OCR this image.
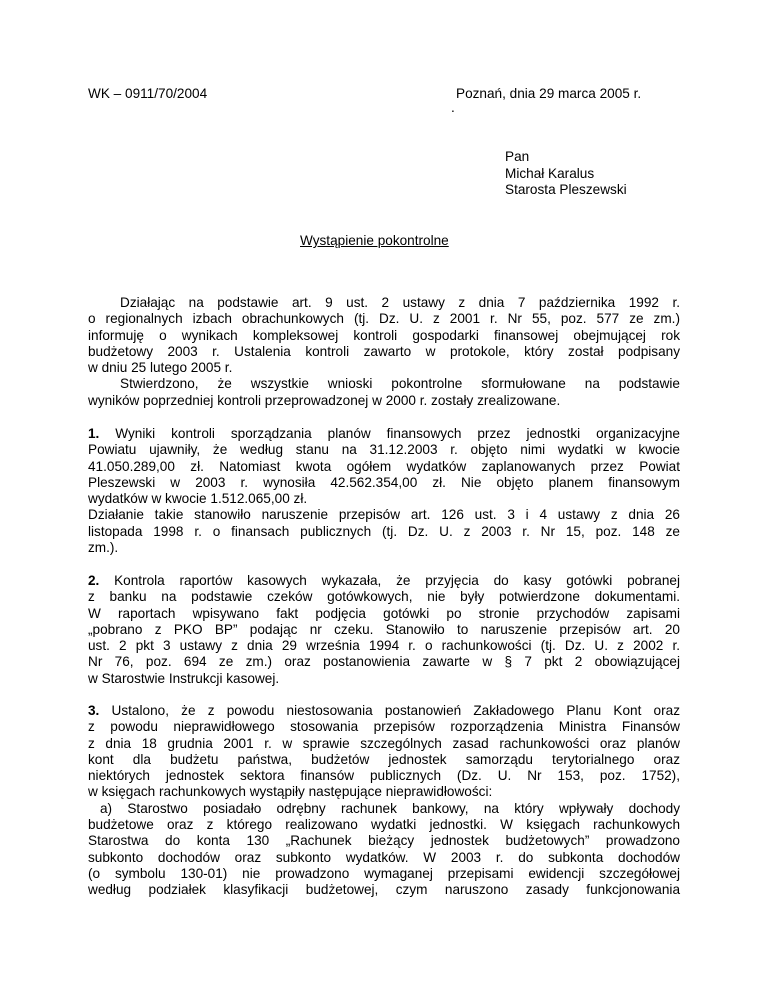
WK – 0911/70/2004	Poznań, dnia 29 marca 2005 r.

.

Pan

Michał Karalus

Starosta Pleszewski

Wystąpienie pokontrolne

Działając na podstawie art. 9 ust. 2 ustawy z dnia 7 października 1992 r.
o regionalnych izbach obrachunkowych (tj. Dz. U. z 2001 r. Nr 55, poz. 577 ze zm.)
informuję o wynikach kompleksowej kontroli gospodarki finansowej obejmującej rok
budżetowy 2003 r. Ustalenia kontroli zawarto w protokole, który został podpisany
w dniu 25 lutego 2005 r.
Stwierdzono, że wszystkie wnioski pokontrolne sformułowane na podstawie
wyników poprzedniej kontroli przeprowadzonej w 2000 r. zostały zrealizowane.
1. Wyniki kontroli sporządzania planów finansowych przez jednostki organizacyjne
Powiatu ujawniły, że według stanu na 31.12.2003 r. objęto nimi wydatki w kwocie
41.050.289,00 zł. Natomiast kwota ogółem wydatków zaplanowanych przez Powiat
Pleszewski w 2003 r. wynosiła 42.562.354,00 zł. Nie objęto planem finansowym
wydatków w kwocie 1.512.065,00 zł.
Działanie takie stanowiło naruszenie przepisów art. 126 ust. 3 i 4 ustawy z dnia 26
listopada 1998 r. o finansach publicznych (tj. Dz. U. z 2003 r. Nr 15, poz. 148 ze
zm.).
2. Kontrola raportów kasowych wykazała, że przyjęcia do kasy gotówki pobranej
z banku na podstawie czeków gotówkowych, nie były potwierdzone dokumentami.
W raportach wpisywano fakt podjęcia gotówki po stronie przychodów zapisami
„pobrano z PKO BP” podając nr czeku. Stanowiło to naruszenie przepisów art. 20
ust. 2 pkt 3 ustawy z dnia 29 września 1994 r. o rachunkowości (tj. Dz. U. z 2002 r.
Nr 76, poz. 694 ze zm.) oraz postanowienia zawarte w § 7 pkt 2 obowiązującej
w Starostwie Instrukcji kasowej.
3. Ustalono, że z powodu niestosowania postanowień Zakładowego Planu Kont oraz
z powodu nieprawidłowego stosowania przepisów rozporządzenia Ministra Finansów
z dnia 18 grudnia 2001 r. w sprawie szczególnych zasad rachunkowości oraz planów
kont dla budżetu państwa, budżetów jednostek samorządu terytorialnego oraz
niektórych jednostek sektora finansów publicznych (Dz. U. Nr 153, poz. 1752),
w księgach rachunkowych wystąpiły następujące nieprawidłowości:
a) Starostwo posiadało odrębny rachunek bankowy, na który wpływały dochody
budżetowe oraz z którego realizowano wydatki jednostki. W księgach rachunkowych
Starostwa do konta 130 „Rachunek bieżący jednostek budżetowych” prowadzono
subkonto dochodów oraz subkonto wydatków. W 2003 r. do subkonta dochodów
(o symbolu 130-01) nie prowadzono wymaganej przepisami ewidencji szczegółowej
według podziałek klasyfikacji budżetowej, czym naruszono zasady funkcjonowania
